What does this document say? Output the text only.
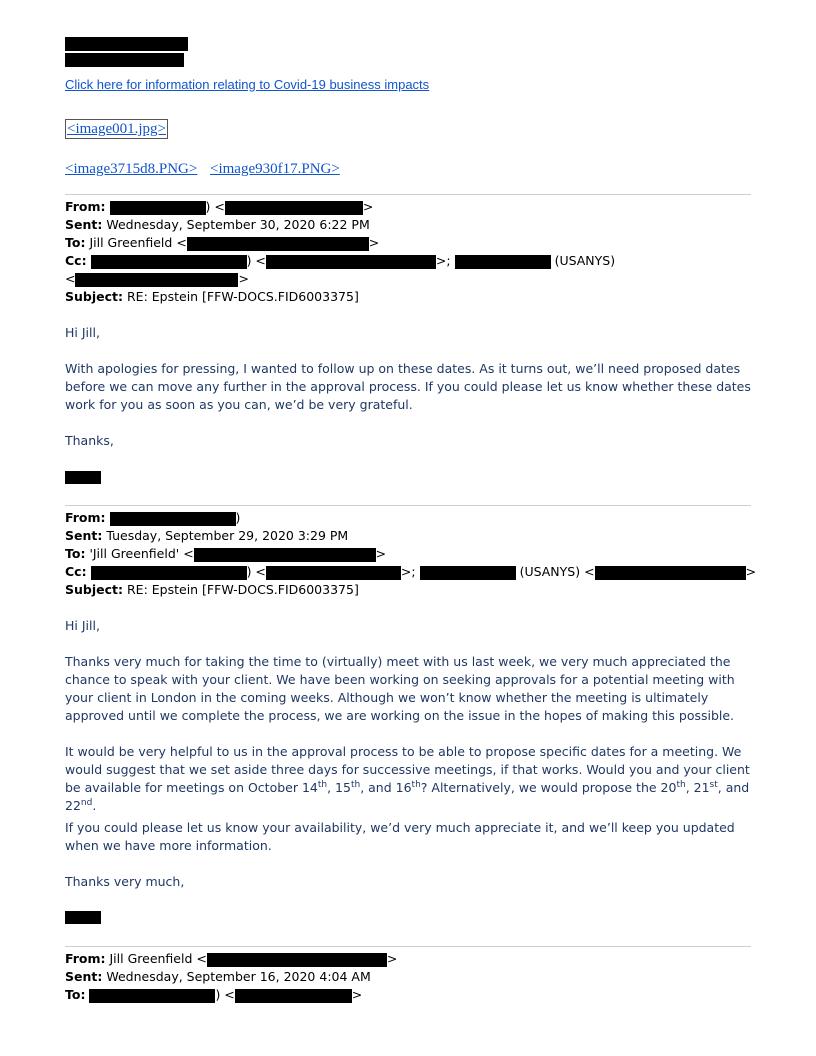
Click here for information relating to Covid-19 business impacts
<image001.jpg>
<image3715d8.PNG> <image930f17.PNG>
From:	) <	>
Sent: Wednesday, September 30, 2020 6:22 PM
To: Jill Greenfield <	>
Cc:	) <	>;	(USANYS)
<	>
Subject: RE: Epstein [FFW-DOCS.FID6003375]
Hi Jill,
With apologies for pressing, I wanted to follow up on these dates. As it turns out, we’ll need proposed dates before we can move any further in the approval process. If you could please let us know whether these dates work for you as soon as you can, we’d be very grateful.
Thanks,
From:	)
Sent: Tuesday, September 29, 2020 3:29 PM
To: 'Jill Greenfield' <	>
Cc:	) <	>;	(USANYS) <	>
Subject: RE: Epstein [FFW-DOCS.FID6003375]
Hi Jill,
Thanks very much for taking the time to (virtually) meet with us last week, we very much appreciated the chance to speak with your client. We have been working on seeking approvals for a potential meeting with your client in London in the coming weeks. Although we won’t know whether the meeting is ultimately approved until we complete the process, we are working on the issue in the hopes of making this possible.
It would be very helpful to us in the approval process to be able to propose specific dates for a meeting. We would suggest that we set aside three days for successive meetings, if that works. Would you and your client be available for meetings on October 14th, 15th, and 16th? Alternatively, we would propose the 20th, 21st, and 22nd.
If you could please let us know your availability, we’d very much appreciate it, and we’ll keep you updated when we have more information.
Thanks very much,
From: Jill Greenfield <	>
Sent: Wednesday, September 16, 2020 4:04 AM
To:	) <	>
